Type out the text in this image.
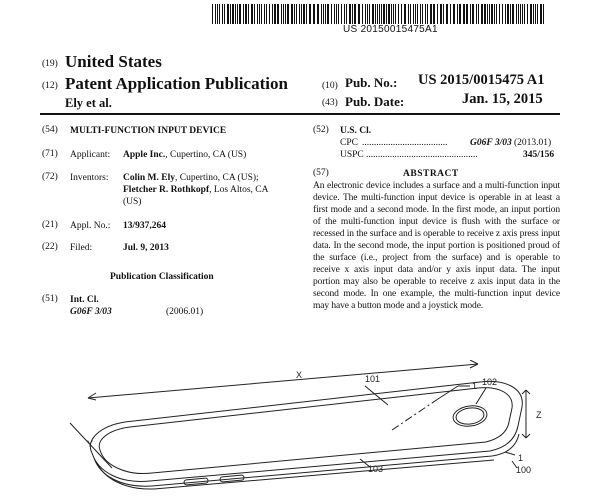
US 20150015475A1
(19) United States
(12) Patent Application Publication
Ely et al.
(10) Pub. No.: US 2015/0015475 A1
(43) Pub. Date:	Jan. 15, 2015
(54) MULTI-FUNCTION INPUT DEVICE
(71) Applicant: Apple Inc., Cupertino, CA (US)
(72) Inventors: Colin M. Ely, Cupertino, CA (US);
Fletcher R. Rothkopf, Los Altos, CA
(US)
(21) Appl. No.: 13/937,264
(22) Filed:	Jul. 9, 2013
Publication Classification
(51) Int. Cl.
G06F 3/03	(2006.01)
(52) U.S. Cl.
CPC ....................................	G06F 3/03 (2013.01)
USPC ...............................................	345/156
(57)	ABSTRACT
An electronic device includes a surface and a multi-function input device. The multi-function input device is operable in at least a first mode and a second mode. In the first mode, an input portion of the multi-function input device is flush with the surface or recessed in the surface and is operable to receive z axis press input data. In the second mode, the input portion is positioned proud of the surface (i.e., project from the surface) and is operable to receive x axis input data and/or y axis input data. The input portion may also be operable to receive z axis input data in the second mode. In one example, the multi-function input device may have a button mode and a joystick mode.
X
Y
Z
101	102
103	100
1
1
